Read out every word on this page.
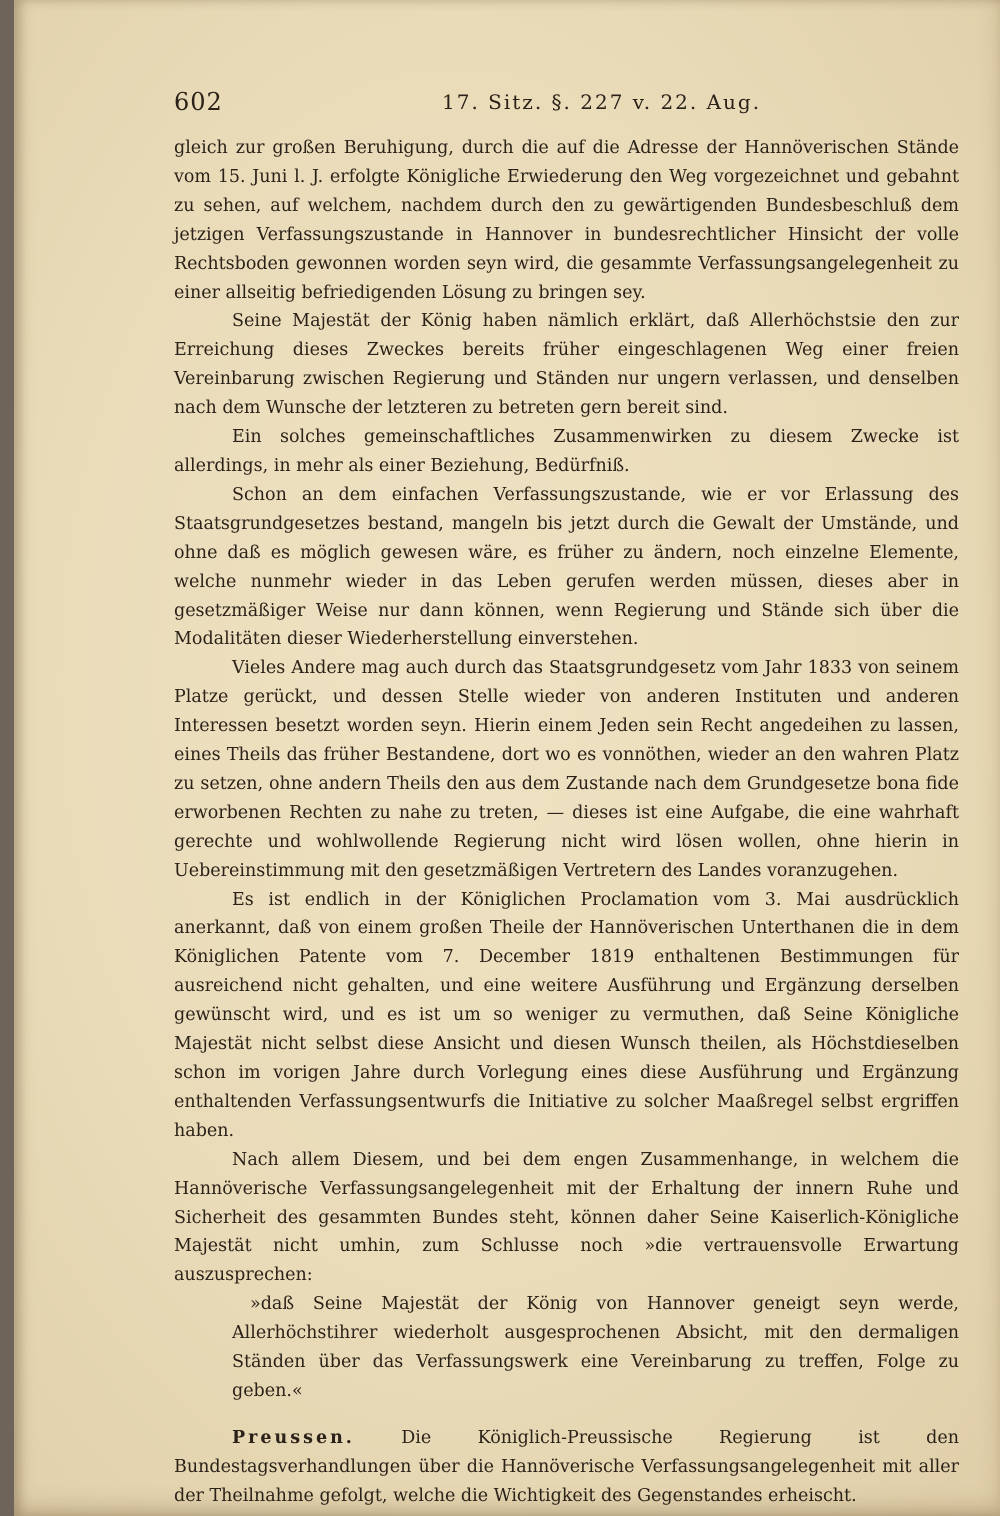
602	17. Sitz. §. 227 v. 22. Aug.

gleich zur großen Beruhigung, durch die auf die Adresse der Hannöverischen Stände vom 15. Juni l. J. erfolgte Königliche Erwiederung den Weg vorgezeichnet und gebahnt zu sehen, auf welchem, nachdem durch den zu gewärtigenden Bundesbeschluß dem jetzigen Verfassungszustande in Hannover in bundesrechtlicher Hinsicht der volle Rechtsboden gewonnen worden seyn wird, die gesammte Verfassungsangelegenheit zu einer allseitig befriedigenden Lösung zu bringen sey.

Seine Majestät der König haben nämlich erklärt, daß Allerhöchstsie den zur Erreichung dieses Zweckes bereits früher eingeschlagenen Weg einer freien Vereinbarung zwischen Regierung und Ständen nur ungern verlassen, und denselben nach dem Wunsche der letzteren zu betreten gern bereit sind.

Ein solches gemeinschaftliches Zusammenwirken zu diesem Zwecke ist allerdings, in mehr als einer Beziehung, Bedürfniß.

Schon an dem einfachen Verfassungszustande, wie er vor Erlassung des Staatsgrundgesetzes bestand, mangeln bis jetzt durch die Gewalt der Umstände, und ohne daß es möglich gewesen wäre, es früher zu ändern, noch einzelne Elemente, welche nunmehr wieder in das Leben gerufen werden müssen, dieses aber in gesetzmäßiger Weise nur dann können, wenn Regierung und Stände sich über die Modalitäten dieser Wiederherstellung einverstehen.

Vieles Andere mag auch durch das Staatsgrundgesetz vom Jahr 1833 von seinem Platze gerückt, und dessen Stelle wieder von anderen Instituten und anderen Interessen besetzt worden seyn. Hierin einem Jeden sein Recht angedeihen zu lassen, eines Theils das früher Bestandene, dort wo es vonnöthen, wieder an den wahren Platz zu setzen, ohne andern Theils den aus dem Zustande nach dem Grundgesetze bona fide erworbenen Rechten zu nahe zu treten, — dieses ist eine Aufgabe, die eine wahrhaft gerechte und wohlwollende Regierung nicht wird lösen wollen, ohne hierin in Uebereinstimmung mit den gesetzmäßigen Vertretern des Landes voranzugehen.

Es ist endlich in der Königlichen Proclamation vom 3. Mai ausdrücklich anerkannt, daß von einem großen Theile der Hannöverischen Unterthanen die in dem Königlichen Patente vom 7. December 1819 enthaltenen Bestimmungen für ausreichend nicht gehalten, und eine weitere Ausführung und Ergänzung derselben gewünscht wird, und es ist um so weniger zu vermuthen, daß Seine Königliche Majestät nicht selbst diese Ansicht und diesen Wunsch theilen, als Höchstdieselben schon im vorigen Jahre durch Vorlegung eines diese Ausführung und Ergänzung enthaltenden Verfassungsentwurfs die Initiative zu solcher Maaßregel selbst ergriffen haben.

Nach allem Diesem, und bei dem engen Zusammenhange, in welchem die Hannöverische Verfassungsangelegenheit mit der Erhaltung der innern Ruhe und Sicherheit des gesammten Bundes steht, können daher Seine Kaiserlich-Königliche Majestät nicht umhin, zum Schlusse noch »die vertrauensvolle Erwartung auszusprechen:

»daß Seine Majestät der König von Hannover geneigt seyn werde, Allerhöchstihrer wiederholt ausgesprochenen Absicht, mit den dermaligen Ständen über das Verfassungswerk eine Vereinbarung zu treffen, Folge zu geben.«

Preussen.	Die Königlich-Preussische Regierung ist den Bundestagsverhandlungen über die Hannöverische Verfassungsangelegenheit mit aller der Theilnahme gefolgt, welche die Wichtigkeit des Gegenstandes erheischt.
